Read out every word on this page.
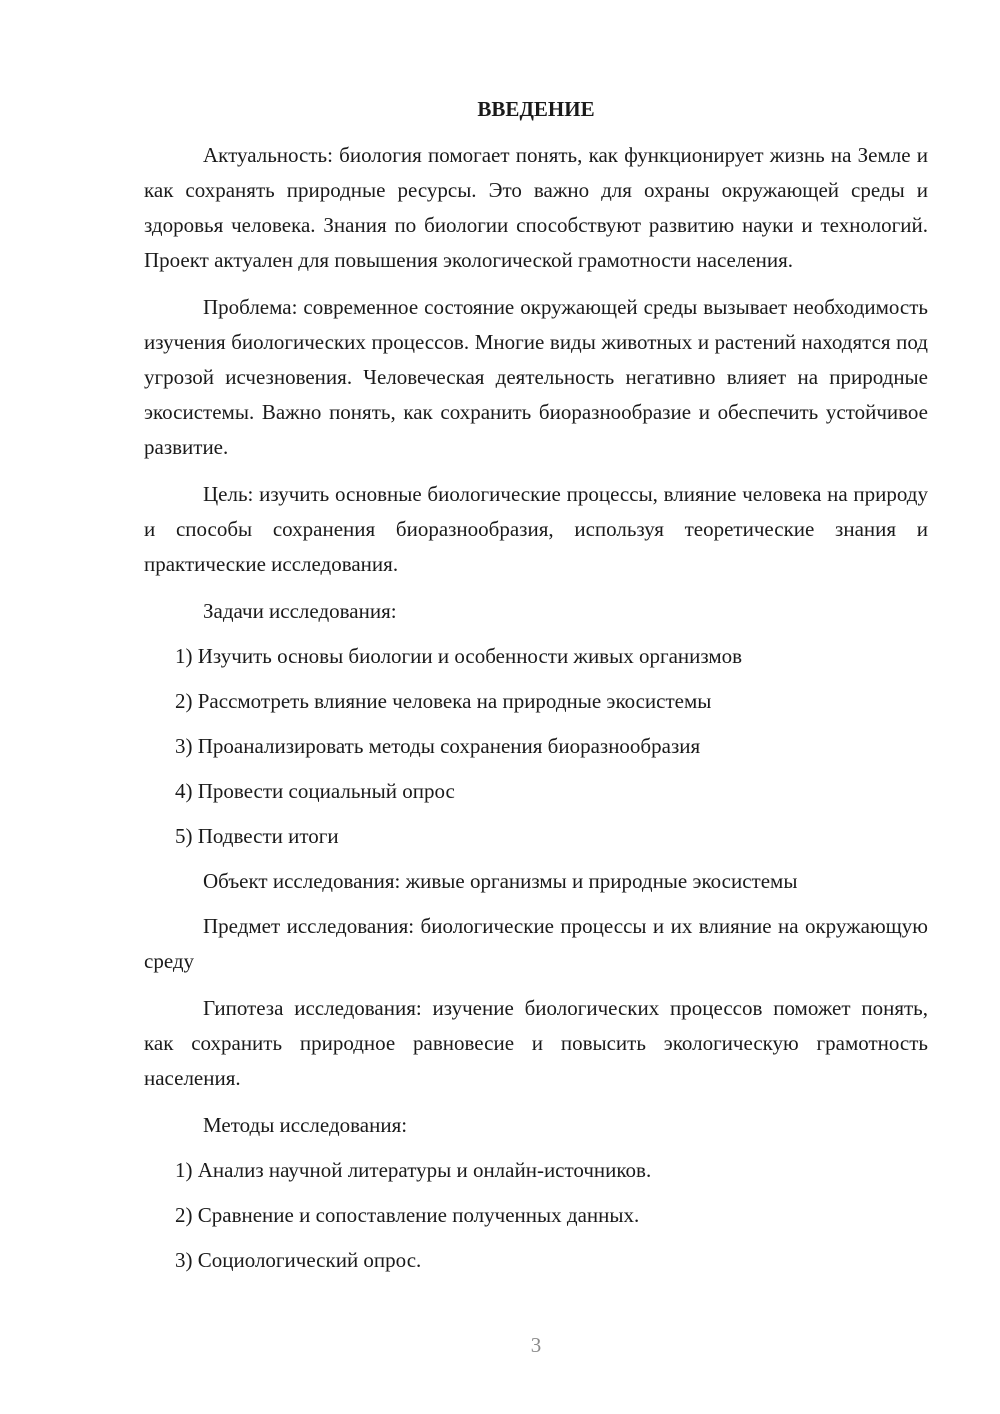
ВВЕДЕНИЕ

Актуальность: биология помогает понять, как функционирует жизнь на Земле и как сохранять природные ресурсы. Это важно для охраны окружающей среды и здоровья человека. Знания по биологии способствуют развитию науки и технологий. Проект актуален для повышения экологической грамотности населения.

Проблема: современное состояние окружающей среды вызывает необходимость изучения биологических процессов. Многие виды животных и растений находятся под угрозой исчезновения. Человеческая деятельность негативно влияет на природные экосистемы. Важно понять, как сохранить биоразнообразие и обеспечить устойчивое развитие.

Цель: изучить основные биологические процессы, влияние человека на природу и способы сохранения биоразнообразия, используя теоретические знания и практические исследования.

Задачи исследования:
1) Изучить основы биологии и особенности живых организмов
2) Рассмотреть влияние человека на природные экосистемы
3) Проанализировать методы сохранения биоразнообразия
4) Провести социальный опрос
5) Подвести итоги
Объект исследования: живые организмы и природные экосистемы

Предмет исследования: биологические процессы и их влияние на окружающую среду

Гипотеза исследования: изучение биологических процессов поможет понять, как сохранить природное равновесие и повысить экологическую грамотность населения.

Методы исследования:
1) Анализ научной литературы и онлайн-источников.
2) Сравнение и сопоставление полученных данных.
3) Социологический опрос.
3
